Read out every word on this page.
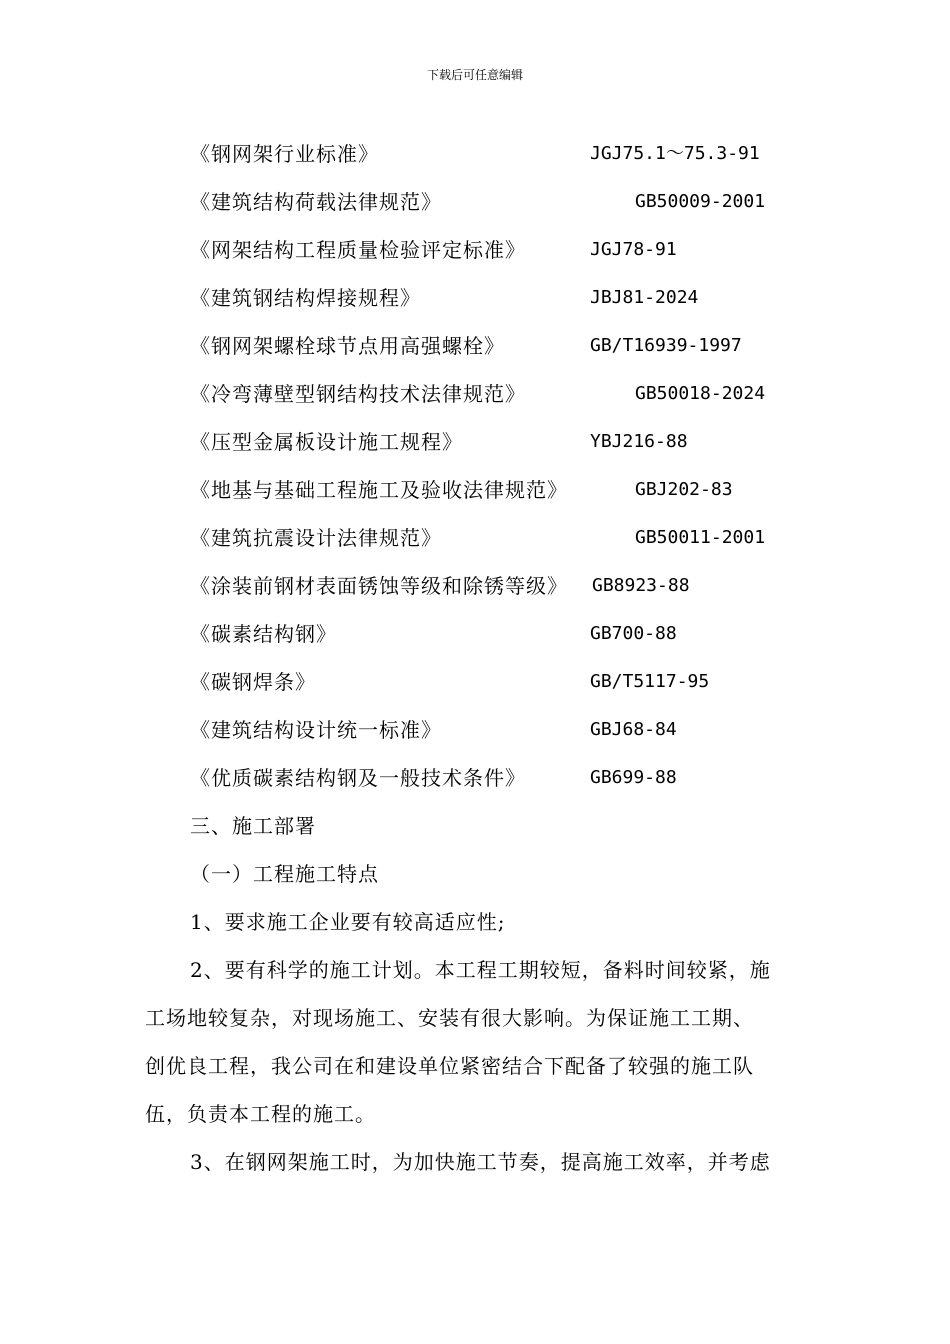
下载后可任意编辑
《钢网架行业标准》	JGJ75.1～75.3-91
《建筑结构荷载法律规范》	GB50009-2001
《网架结构工程质量检验评定标准》	JGJ78-91
《建筑钢结构焊接规程》	JBJ81-2024
《钢网架螺栓球节点用高强螺栓》	GB/T16939-1997
《冷弯薄壁型钢结构技术法律规范》	GB50018-2024
《压型金属板设计施工规程》	YBJ216-88
《地基与基础工程施工及验收法律规范》	GBJ202-83
《建筑抗震设计法律规范》	GB50011-2001
《涂装前钢材表面锈蚀等级和除锈等级》 GB8923-88
《碳素结构钢》	GB700-88
《碳钢焊条》	GB/T5117-95
《建筑结构设计统一标准》	GBJ68-84
《优质碳素结构钢及一般技术条件》	GB699-88
三、施工部署
（一）工程施工特点
1、要求施工企业要有较高适应性;
2、要有科学的施工计划。本工程工期较短，备料时间较紧，施
工场地较复杂，对现场施工、安装有很大影响。为保证施工工期、
创优良工程，我公司在和建设单位紧密结合下配备了较强的施工队
伍，负责本工程的施工。
3、在钢网架施工时，为加快施工节奏，提高施工效率，并考虑
